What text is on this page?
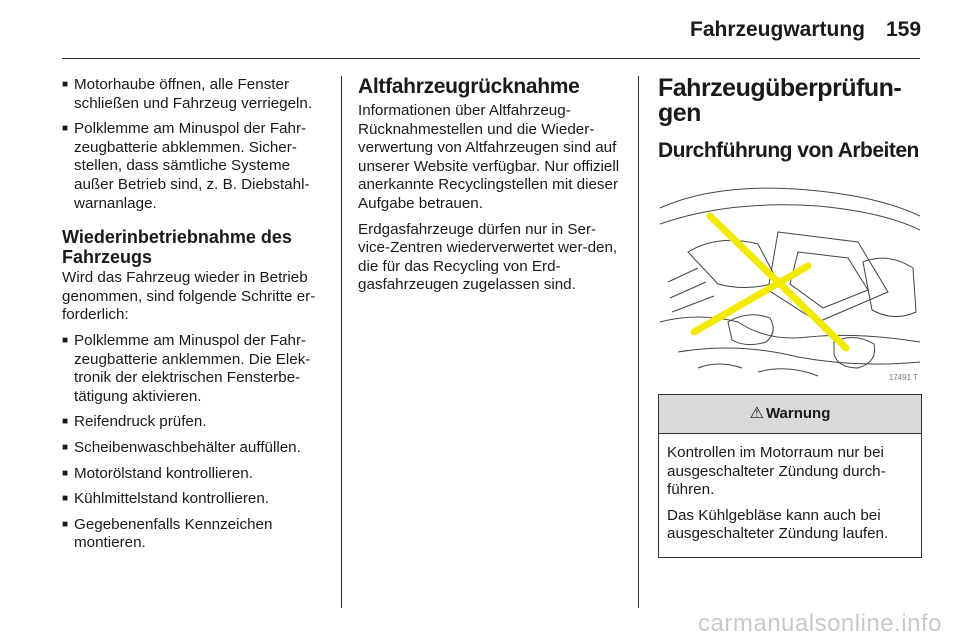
Fahrzeugwartung 159
■ Motorhaube öffnen, alle Fenster schließen und Fahrzeug verriegeln.
■ Polklemme am Minuspol der Fahr-zeugbatterie abklemmen. Sicher-stellen, dass sämtliche Systeme außer Betrieb sind, z. B. Diebstahl-warnanlage.
Wiederinbetriebnahme des Fahrzeugs

Wird das Fahrzeug wieder in Betrieb genommen, sind folgende Schritte er-forderlich:

■ Polklemme am Minuspol der Fahr-zeugbatterie anklemmen. Die Elek-tronik der elektrischen Fensterbe-tätigung aktivieren.
■ Reifendruck prüfen.
■ Scheibenwaschbehälter auffüllen.
■ Motorölstand kontrollieren.
■ Kühlmittelstand kontrollieren.
■ Gegebenenfalls Kennzeichen montieren.
Altfahrzeugrücknahme

Informationen über Altfahrzeug-Rücknahmestellen und die Wieder-verwertung von Altfahrzeugen sind auf unserer Website verfügbar. Nur offiziell anerkannte Recyclingstellen mit dieser Aufgabe betrauen.

Erdgasfahrzeuge dürfen nur in Ser-vice-Zentren wiederverwertet wer-den, die für das Recycling von Erd-gasfahrzeugen zugelassen sind.

Fahrzeugüberprüfun-gen
Durchführung von Arbeiten
17491 T
⚠ Warnung

Kontrollen im Motorraum nur bei ausgeschalteter Zündung durch-führen.

Das Kühlgebläse kann auch bei ausgeschalteter Zündung laufen.

carmanualsonline.info
